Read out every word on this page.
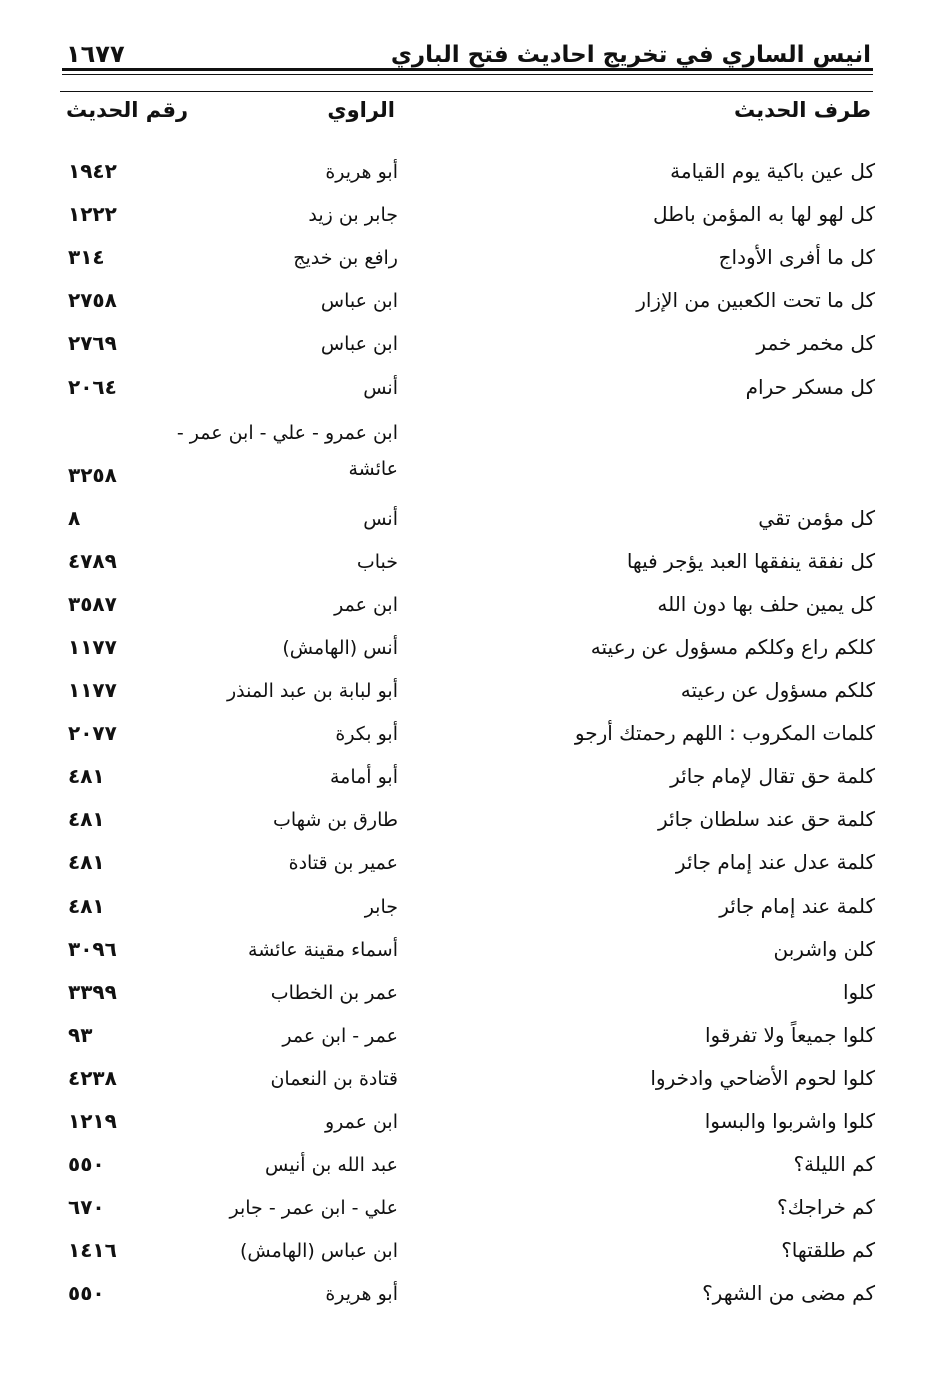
١٦٧٧	انيس الساري في تخريج احاديث فتح الباري
طرف الحديث
الراوي
رقم الحديث
كل عين باكية يوم القيامة
أبو هريرة
١٩٤٢
كل لهو لها به المؤمن باطل
جابر بن زيد
١٢٢٢
كل ما أفرى الأوداج
رافع بن خديج
٣١٤
كل ما تحت الكعبين من الإزار
ابن عباس
٢٧٥٨
كل مخمر خمر
ابن عباس
٢٧٦٩
كل مسكر حرام
أنس
٢٠٦٤
ابن عمرو - علي - ابن عمر -
عائشة
٣٢٥٨
كل مؤمن تقي
أنس
٨
كل نفقة ينفقها العبد يؤجر فيها
خباب
٤٧٨٩
كل يمين حلف بها دون الله
ابن عمر
٣٥٨٧
كلكم راع وكلكم مسؤول عن رعيته
أنس (الهامش)
١١٧٧
كلكم مسؤول عن رعيته
أبو لبابة بن عبد المنذر
١١٧٧
كلمات المكروب : اللهم رحمتك أرجو
أبو بكرة
٢٠٧٧
كلمة حق تقال لإمام جائر
أبو أمامة
٤٨١
كلمة حق عند سلطان جائر
طارق بن شهاب
٤٨١
كلمة عدل عند إمام جائر
عمير بن قتادة
٤٨١
كلمة عند إمام جائر
جابر
٤٨١
كلن واشربن
أسماء مقينة عائشة
٣٠٩٦
كلوا
عمر بن الخطاب
٣٣٩٩
كلوا جميعاً ولا تفرقوا
عمر - ابن عمر
٩٣
كلوا لحوم الأضاحي وادخروا
قتادة بن النعمان
٤٢٣٨
كلوا واشربوا والبسوا
ابن عمرو
١٢١٩
كم الليلة؟
عبد الله بن أنيس
٥٥٠
كم خراجك؟
علي - ابن عمر - جابر
٦٧٠
كم طلقتها؟
ابن عباس (الهامش)
١٤١٦
كم مضى من الشهر؟
أبو هريرة
٥٥٠
